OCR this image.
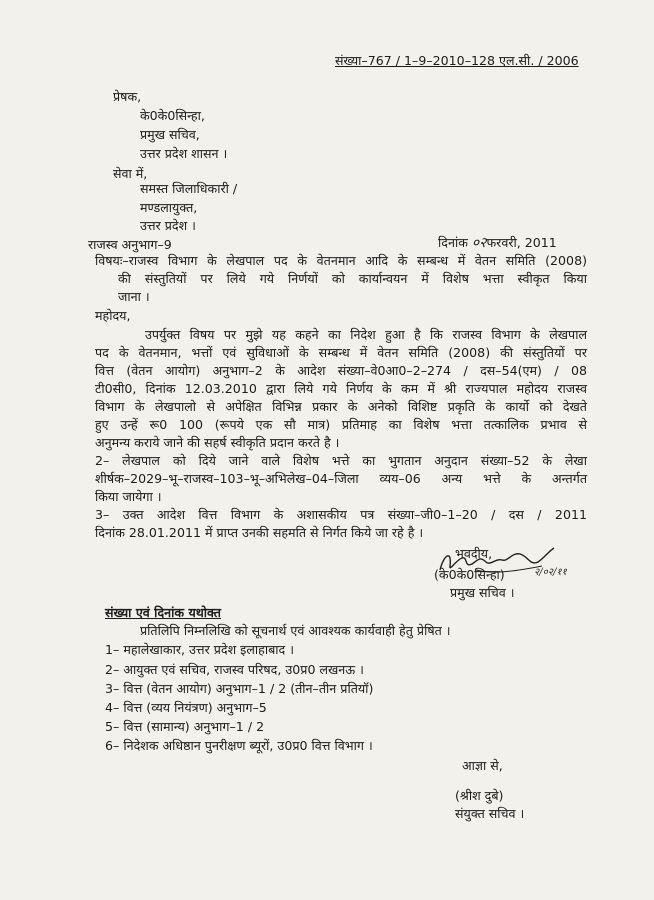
संख्या–767 / 1–9–2010–128 एल.सी. / 2006
प्रेषक,
के0के0सिन्हा,
प्रमुख सचिव,
उत्तर प्रदेश शासन ।
सेवा में,
समस्त जिलाधिकारी /
मण्डलायुक्त,
उत्तर प्रदेश ।
राजस्व अनुभाग–9	दिनांक ०२फरवरी, 2011
विषयः–राजस्व विभाग के लेखपाल पद के वेतनमान आदि के सम्बन्ध में वेतन समिति (2008)
की संस्तुतियों पर लिये गये निर्णयों को कार्यान्वयन में विशेष भत्ता स्वीकृत किया
जाना ।
महोदय,
उपर्युक्त विषय पर मुझे यह कहने का निदेश हुआ है कि राजस्व विभाग के लेखपाल
पद के वेतनमान, भत्तों एवं सुविधाओं के सम्बन्ध में वेतन समिति (2008) की संस्तुतियों पर
वित्त (वेतन आयोग) अनुभाग–2 के आदेश संख्या–वे0आ0–2–274 / दस–54(एम) / 08
टी0सी0, दिनांक 12.03.2010 द्वारा लिये गये निर्णय के कम में श्री राज्यपाल महोदय राजस्व
विभाग के लेखपालो से अपेक्षित विभिन्न प्रकार के अनेको विशिष्ट प्रकृति के कार्यो को देखते
हुए उन्हें रू0 100 (रूपये एक सौ मात्र) प्रतिमाह का विशेष भत्ता तत्कालिक प्रभाव से
अनुमन्य कराये जाने की सहर्ष स्वीकृति प्रदान करते है ।
2– लेखपाल को दिये जाने वाले विशेष भत्ते का भुगतान अनुदान संख्या–52 के लेखा
शीर्षक–2029–भू–राजस्व–103–भू–अभिलेख–04–जिला व्यय–06 अन्य भत्ते के अन्तर्गत
किया जायेगा ।
3– उक्त आदेश वित्त विभाग के अशासकीय पत्र संख्या–जी0–1–20 / दस / 2011
दिनांक 28.01.2011 में प्राप्त उनकी सहमति से निर्गत किये जा रहे है ।
भवदीय,
(के0के0सिन्हा)	२/०२/११
प्रमुख सचिव ।
संख्या एवं दिनांक यथोक्त
प्रतिलिपि निम्नलिखि को सूचनार्थ एवं आवश्यक कार्यवाही हेतु प्रेषित ।
1– महालेखाकार, उत्तर प्रदेश इलाहाबाद ।
2– आयुक्त एवं सचिव, राजस्व परिषद, उ0प्र0 लखनऊ ।
3– वित्त (वेतन आयोग) अनुभाग–1 / 2 (तीन–तीन प्रतियॉ)
4– वित्त (व्यय नियंत्रण) अनुभाग–5
5– वित्त (सामान्य) अनुभाग–1 / 2
6– निदेशक अधिष्ठान पुनरीक्षण ब्यूरों, उ0प्र0 वित्त विभाग ।
आज्ञा से,
(श्रीश दुबे)
संयुक्त सचिव ।
